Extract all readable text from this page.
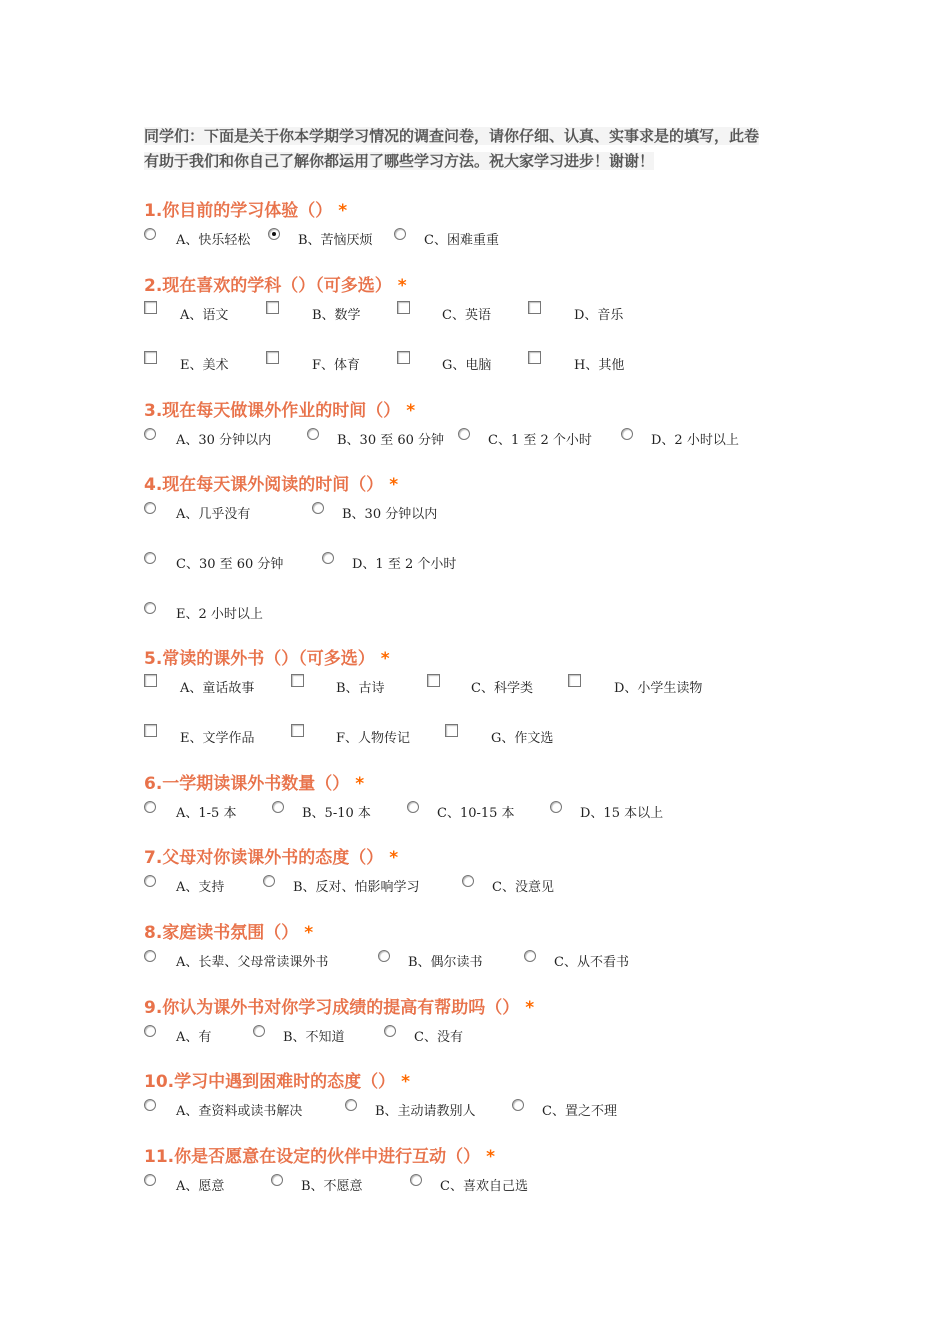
同学们：下面是关于你本学期学习情况的调查问卷，请你仔细、认真、实事求是的填写，此卷
有助于我们和你自己了解你都运用了哪些学习方法。祝大家学习进步！谢谢！
1.你目前的学习体验（） *
A、快乐轻松	B、苦恼厌烦	C、困难重重
2.现在喜欢的学科（）（可多选） *
A、语文	B、数学	C、英语	D、音乐
E、美术	F、体育	G、电脑	H、其他
3.现在每天做课外作业的时间（） *
A、30 分钟以内	B、30 至 60 分钟	C、1 至 2 个小时	D、2 小时以上
4.现在每天课外阅读的时间（） *
A、几乎没有	B、30 分钟以内
C、30 至 60 分钟	D、1 至 2 个小时
E、2 小时以上
5.常读的课外书（）（可多选） *
A、童话故事	B、古诗	C、科学类	D、小学生读物
E、文学作品	F、人物传记	G、作文选
6.一学期读课外书数量（） *
A、1-5 本	B、5-10 本	C、10-15 本	D、15 本以上
7.父母对你读课外书的态度（） *
A、支持	B、反对、怕影响学习	C、没意见
8.家庭读书氛围（） *
A、长辈、父母常读课外书	B、偶尔读书	C、从不看书
9.你认为课外书对你学习成绩的提高有帮助吗（） *
A、有	B、不知道	C、没有
10.学习中遇到困难时的态度（） *
A、查资料或读书解决	B、主动请教别人	C、置之不理
11.你是否愿意在设定的伙伴中进行互动（） *
A、愿意	B、不愿意	C、喜欢自己选
